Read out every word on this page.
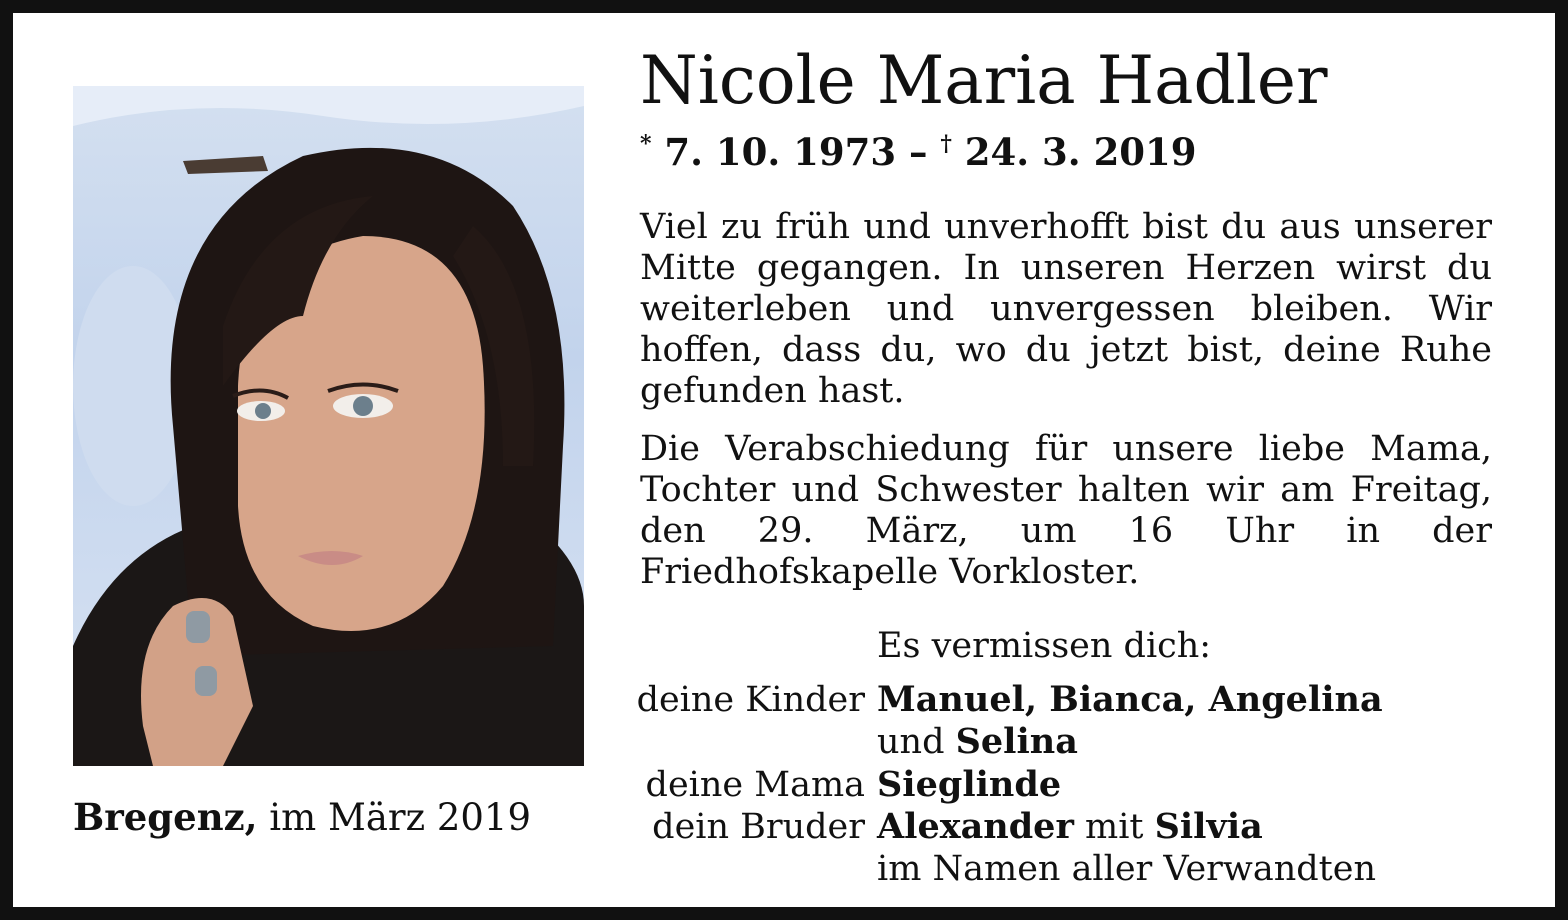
Nicole Maria Hadler
* 7. 10. 1973 – † 24. 3. 2019
Viel zu früh und unverhofft bist du aus unserer Mitte gegangen. In unseren Herzen wirst du weiterleben und unvergessen bleiben. Wir hoffen, dass du, wo du jetzt bist, deine Ruhe gefunden hast.
Die Verabschiedung für unsere liebe Mama, Tochter und Schwester halten wir am Freitag, den 29. März, um 16 Uhr in der Friedhofskapelle Vorkloster.
Es vermissen dich:
deine Kinder Manuel, Bianca, Angelina
und Selina
deine Mama Sieglinde
dein Bruder Alexander mit Silvia
im Namen aller Verwandten
Bregenz, im März 2019
